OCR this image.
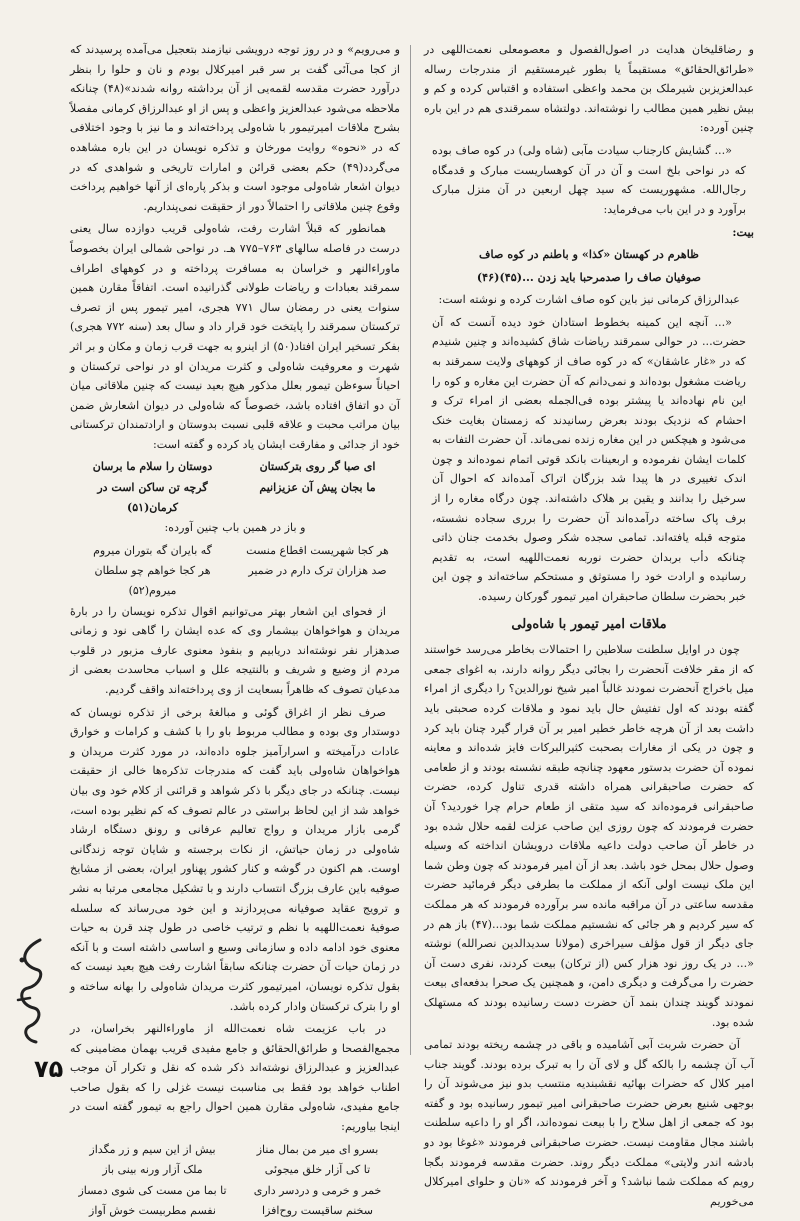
و رضاقلیخان هدایت در اصول‌الفصول و معصومعلی نعمت‌اللهی در «طرائق‌الحقائق» مستقیماً یا بطور غیرمستقیم از مندرجات رساله عبدالعزیزبن شیرملک بن محمد واعظی استفاده و اقتباس کرده و کم و بیش نظیر همین مطالب را نوشته‌اند. دولتشاه سمرقندی هم در این باره چنین آورده:

«... گشایش کارجناب سیادت مآبی (شاه ولی) در کوه صاف بوده که در نواحی بلخ است و آن در آن کوهساریست مبارک و قدمگاه رجال‌الله. مشهوریست که سید چهل اربعین در آن منزل مبارک برآورد و در این باب می‌فرماید:

بیت:

ظاهرم در کهستان «کذا» و باطنم در کوه صاف

صوفیان صاف را صدمرحبا باید زدن ...(۴۵)(۴۶)

عبدالرزاق کرمانی نیز باین کوه صاف اشارت کرده و نوشته است:

«... آنچه این کمینه بخطوط استادان خود دیده آنست که آن حضرت... در حوالی سمرقند ریاضات شاق کشیده‌اند و چنین شنیدم که در «غار عاشقان» که در کوه صاف از کوههای ولایت سمرقند به ریاضت مشغول بوده‌اند و نمی‌دانم که آن حضرت این مغاره و کوه را این نام نهاده‌اند یا پیشتر بوده فی‌الجمله بعضی از امراء ترک و احشام که نزدیک بودند بعرض رسانیدند که زمستان بغایت خنک می‌شود و هیچکس در این مغاره زنده نمی‌ماند. آن حضرت التفات به کلمات ایشان نفرموده و اربعینات بانکد قوتی اتمام نموده‌اند و چون اندک تغییری در ها پیدا شد بزرگان اتراک آمده‌اند که احوال آن سرخیل را بدانند و یقین بر هلاک داشته‌اند. چون درگاه مغاره را از برف پاک ساخته درآمده‌اند آن حضرت را برری سجاده نشسته، متوجه قبله یافته‌اند. تمامی سجده شکر وصول بخدمت جنان ذاتی چنانکه دأب بربدان حضرت نوربه نعمت‌اللهیه است، به تقدیم رسانیده و ارادت خود را مستوثق و مستحکم ساخته‌اند و چون این خبر بحضرت سلطان صاحبقران امیر تیمور گورکان رسیده.

ملاقات امیر تیمور با شاه‌ولی

چون در اوایل سلطنت سلاطین را احتمالات بخاطر می‌رسد خواستند که از مقر خلافت آنحضرت را بجائی دیگر روانه دارند، به اغوای جمعی میل باخراج آنحضرت نمودند غالباً امیر شیخ نورالدین؟ را دیگری از امراء گفته بودند که اول تفتیش حال باید نمود و ملاقات کرده صحبتی باید داشت بعد از آن هرچه خاطر خطیر امیر بر آن قرار گیرد چنان باید کرد و چون در یکی از مغارات بصحبت کثیرالبرکات فایز شده‌اند و معاینه نموده آن حضرت بدستور معهود چنانچه طبقه نشسته بودند و از طعامی که حضرت صاحبقرانی همراه داشته قدری تناول کرده، حضرت صاحبقرانی فرموده‌اند که سید متقی از طعام حرام چرا خوردید؟ آن حضرت فرمودند که چون روزی این صاحب عزلت لقمه حلال شده بود در خاطر آن صاحب دولت داعیه ملاقات درویشان انداخته که وسیله وصول حلال بمحل خود باشد. بعد از آن امیر فرمودند که چون وطن شما این ملک نیست اولی آنکه از مملکت ما بطرفی دیگر فرمائید حضرت مقدسه ساعتی در آن مراقبه مانده سر برآورده فرمودند که هر مملکت که سیر کردیم و هر جائی که نشستیم مملکت شما بود...(۴۷) باز هم در جای دیگر از قول مؤلف سیراخری (مولانا سدیدالدین نصرالله) نوشته «... در یک روز نود هزار کس (از ترکان) بیعت کردند، نفری دست آن حضرت را می‌گرفت و دیگری دامن، و همچنین یک صحرا بدفعه‌ای بیعت نمودند گویند چندان بنمد آن حضرت دست رسانیده بودند که مستهلک شده بود.

آن حضرت شربت آبی آشامیده و باقی در چشمه ریخته بودند تمامی آب آن چشمه را بالکه گل و لای آن را به تبرک برده بودند. گویند جناب امیر کلال که حضرات بهائیه نقشبندیه منتسب بدو نیز می‌شوند آن را بوجهی شنیع بعرض حضرت صاحبقرانی امیر تیمور رسانیده بود و گفته بود که جمعی از اهل سلاح را با بیعت نموده‌اند، اگر او را داعیه سلطنت باشند مجال مقاومت نیست. حضرت صاحبقرانی فرمودند «غوغا بود دو بادشه اندر ولایتی» مملکت دیگر روند. حضرت مقدسه فرمودند بگجا رویم که مملکت شما نباشد؟ و آخر فرمودند که «نان و حلوای امیرکلال می‌خوریم

و می‌رویم» و در روز توجه درویشی نیازمند بتعجیل می‌آمده پرسیدند که از کجا می‌آئی گفت بر سر قبر امیرکلال بودم و نان و حلوا را بنظر درآورد حضرت مقدسه لقمه‌یی از آن برداشته روانه شدند»(۴۸) چنانکه ملاحظه می‌شود عبدالعزیز واعظی و پس از او عبدالرزاق کرمانی مفصلاً بشرح ملاقات امیرتیمور با شاه‌ولی پرداخته‌اند و ما نیز با وجود اختلافی که در «نحوه» روایت مورخان و تذکره نویسان در این باره مشاهده می‌گردد(۴۹) حکم بعضی قرائن و امارات تاریخی و شواهدی که در دیوان اشعار شاه‌ولی موجود است و بذکر پاره‌ای از آنها خواهیم پرداخت وقوع چنین ملاقاتی را احتمالاً دور از حقیقت نمی‌پنداریم.

همانطور که قبلاً اشارت رفت، شاه‌ولی قریب دوازده سال یعنی درست در فاصله سالهای ۷۶۳–۷۷۵ هـ. در نواحی شمالی ایران بخصوصاً ماوراءالنهر و خراسان به مسافرت پرداخته و در کوههای اطراف سمرقند بعبادات و ریاضات طولانی گذرانیده است. اتفاقاً مقارن همین سنوات یعنی در رمضان سال ۷۷۱ هجری، امیر تیمور پس از تصرف ترکستان سمرقند را پایتخت خود قرار داد و سال بعد (سنه ۷۷۲ هجری) بفکر تسخیر ایران افتاد(۵۰) از اینرو به جهت قرب زمان و مکان و بر اثر شهرت و معروفیت شاه‌ولی و کثرت مریدان او در نواحی ترکستان و احیاناً سوءظن تیمور بعلل مذکور هیچ بعید نیست که چنین ملاقاتی میان آن دو اتفاق افتاده باشد، خصوصاً که شاه‌ولی در دیوان اشعارش ضمن بیان مراتب محبت و علاقه قلبی نسبت بدوستان و ارادتمندان ترکستانی خود از جدائی و مفارقت ایشان یاد کرده و گفته است:

ای صبا گر روی بترکستان
دوستان را سلام ما برسان
ما بجان پیش آن عزیزانیم
گرچه تن ساکن است در کرمان(۵۱)

و باز در همین باب چنین آورده:

هر کجا شهریست اقطاع منست
گه بایران گه بتوران میروم
صد هزاران ترک دارم در ضمیر
هر کجا خواهم چو سلطان میروم(۵۲)

از فحوای این اشعار بهتر می‌توانیم اقوال تذکره نویسان را در بارهٔ مریدان و هواخواهان بیشمار وی که عده ایشان را گاهی نود و زمانی صدهزار نفر نوشته‌اند دریابیم و بنفوذ معنوی عارف مزبور در قلوب مردم از وضیع و شریف و بالنتیجه علل و اسباب محاسدت بعضی از مدعیان تصوف که ظاهراً بسعایت از وی پرداخته‌اند واقف گردیم.

صرف نظر از اغراق گوئی و مبالغهٔ برخی از تذکره نویسان که دوستدار وی بوده و مطالب مربوط باو را با کشف و کرامات و خوارق عادات درآمیخته و اسرارآمیز جلوه داده‌اند، در مورد کثرت مریدان و هواخواهان شاه‌ولی باید گفت که مندرجات تذکره‌ها خالی از حقیقت نیست. چنانکه در جای دیگر با ذکر شواهد و قرائنی از کلام خود وی بیان خواهد شد از این لحاظ براستی در عالم تصوف که کم نظیر بوده است، گرمی بازار مریدان و رواج تعالیم عرفانی و رونق دستگاه ارشاد شاه‌ولی در زمان حیاتش، از نکات برجسته و شایان توجه زندگانی اوست. هم اکنون در گوشه و کنار کشور پهناور ایران، بعضی از مشایخ صوفیه باین عارف بزرگ انتساب دارند و با تشکیل مجامعی مرتبا به نشر و ترویج عقاید صوفیانه می‌پردازند و این خود می‌رساند که سلسله صوفیهٔ نعمت‌اللهیه با نظم و ترتیب خاصی در طول چند قرن به حیات معنوی خود ادامه داده و سازمانی وسیع و اساسی داشته است و با آنکه در زمان حیات آن حضرت چنانکه سابقاً اشارت رفت هیچ بعید نیست که بقول تذکره نویسان، امیرتیمور کثرت مریدان شاه‌ولی را بهانه ساخته و او را بترک ترکستان وادار کرده باشد.

در باب عزیمت شاه نعمت‌الله از ماوراءالنهر بخراسان، در مجمع‌الفصحا و طرائق‌الحقائق و جامع مفیدی قریب بهمان مضامینی که عبدالعزیز و عبدالرزاق نوشته‌اند ذکر شده که نقل و تکرار آن موجب اطناب خواهد بود فقط بی مناسبت نیست غزلی را که بقول صاحب جامع مفیدی، شاه‌ولی مقارن همین احوال راجع به تیمور گفته است در اینجا بیاوریم:

بسرو ای میر من بمال مناز
بیش از این سیم و زر مگداز
تا کی آزار خلق میجوئی
ملک آزار ورنه بینی باز
خمر و خرمی و دردسر داری
تا بما من مست کی شوی دمساز
سخنم ساقیست روح‌افزا
نفسم مطربیست خوش آواز
۷۵
